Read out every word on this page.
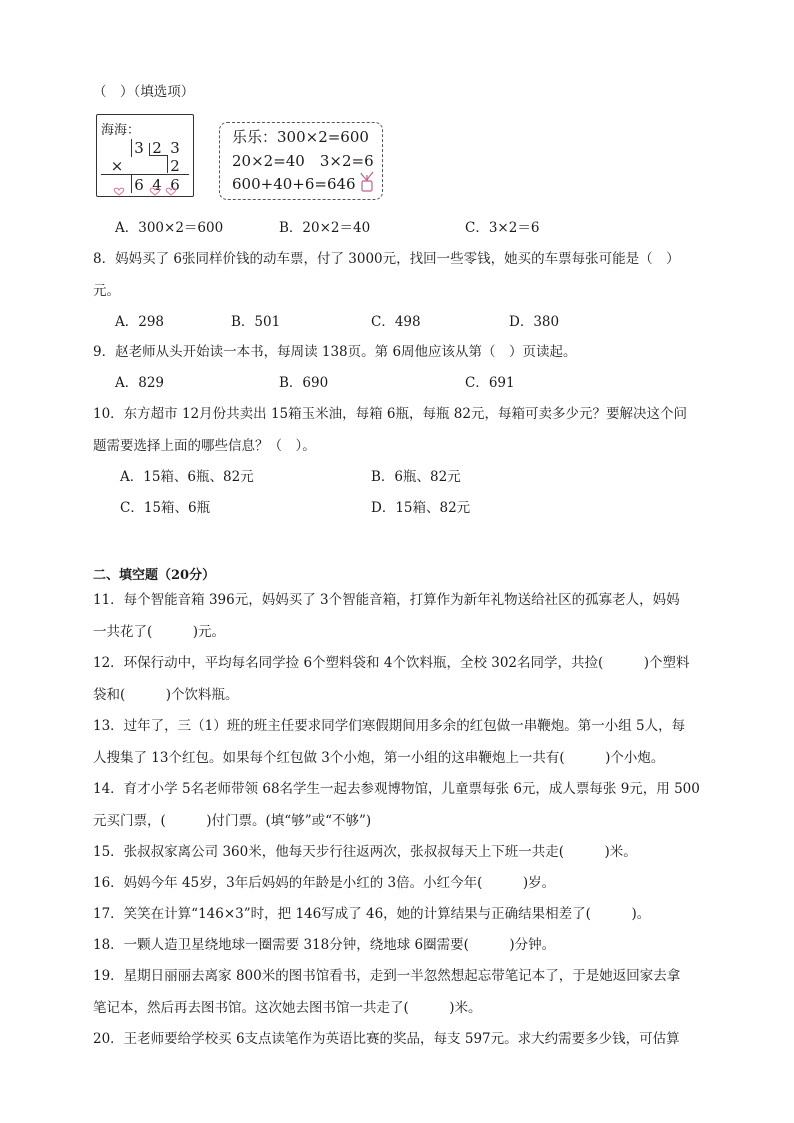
（　）（填选项）
海海：
3 2 3
×	2
6 4 6
乐乐：300×2=600
20×2=40　3×2=6
600+40+6=646
A．300×2＝600	B．20×2＝40	C．3×2＝6
8．妈妈买了 6张同样价钱的动车票，付了 3000元，找回一些零钱，她买的车票每张可能是（　）
元。
A．298	B．501	C．498	D．380
9．赵老师从头开始读一本书，每周读 138页。第 6周他应该从第（　）页读起。
A．829	B．690	C．691
10．东方超市 12月份共卖出 15箱玉米油，每箱 6瓶，每瓶 82元，每箱可卖多少元？要解决这个问
题需要选择上面的哪些信息？（　）。
A．15箱、6瓶、82元	B．6瓶、82元
C．15箱、6瓶	D．15箱、82元
二、填空题（20分）
11．每个智能音箱 396元，妈妈买了 3个智能音箱，打算作为新年礼物送给社区的孤寡老人，妈妈
一共花了(　　　)元。
12．环保行动中，平均每名同学捡 6个塑料袋和 4个饮料瓶，全校 302名同学，共捡(　　　)个塑料
袋和(　　　)个饮料瓶。
13．过年了，三（1）班的班主任要求同学们寒假期间用多余的红包做一串鞭炮。第一小组 5人，每
人搜集了 13个红包。如果每个红包做 3个小炮，第一小组的这串鞭炮上一共有(　　　)个小炮。
14．育才小学 5名老师带领 68名学生一起去参观博物馆，儿童票每张 6元，成人票每张 9元，用 500
元买门票，(　　　)付门票。(填“够”或“不够”)
15．张叔叔家离公司 360米，他每天步行往返两次，张叔叔每天上下班一共走(　　　)米。
16．妈妈今年 45岁，3年后妈妈的年龄是小红的 3倍。小红今年(　　　)岁。
17．笑笑在计算“146×3”时，把 146写成了 46，她的计算结果与正确结果相差了(　　　)。
18．一颗人造卫星绕地球一圈需要 318分钟，绕地球 6圈需要(　　　)分钟。
19．星期日丽丽去离家 800米的图书馆看书，走到一半忽然想起忘带笔记本了，于是她返回家去拿
笔记本，然后再去图书馆。这次她去图书馆一共走了(　　　)米。
20．王老师要给学校买 6支点读笔作为英语比赛的奖品，每支 597元。求大约需要多少钱，可估算
